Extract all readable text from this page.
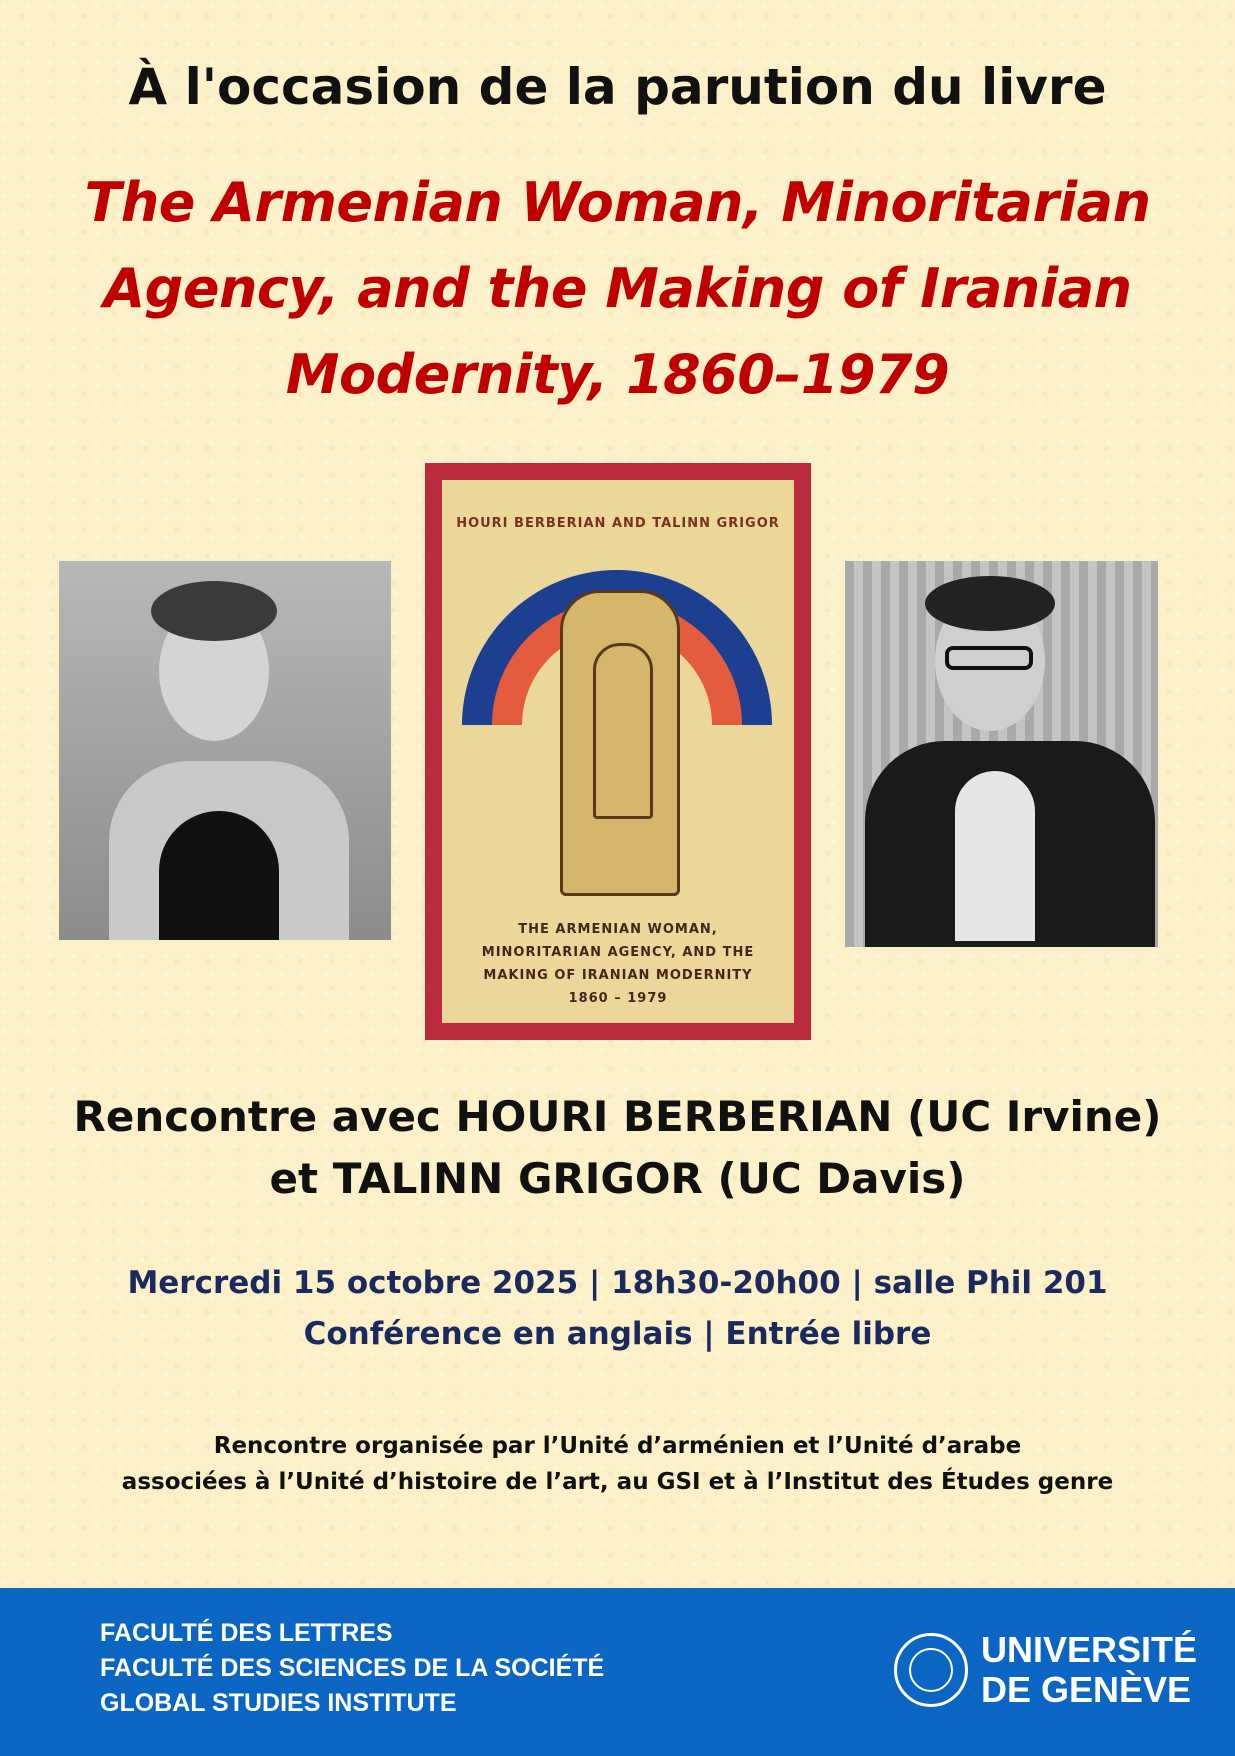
À l'occasion de la parution du livre
The Armenian Woman, Minoritarian
Agency, and the Making of Iranian
Modernity, 1860–1979
HOURI BERBERIAN AND TALINN GRIGOR
THE ARMENIAN WOMAN,
MINORITARIAN AGENCY, AND THE
MAKING OF IRANIAN MODERNITY
1860 – 1979
Rencontre avec HOURI BERBERIAN (UC Irvine)
et TALINN GRIGOR (UC Davis)
Mercredi 15 octobre 2025 | 18h30-20h00 | salle Phil 201
Conférence en anglais | Entrée libre
Rencontre organisée par l’Unité d’arménien et l’Unité d’arabe
associées à l’Unité d’histoire de l’art, au GSI et à l’Institut des Études genre
FACULTÉ DES LETTRES
FACULTÉ DES SCIENCES DE LA SOCIÉTÉ
GLOBAL STUDIES INSTITUTE
UNIVERSITÉ
DE GENÈVE
